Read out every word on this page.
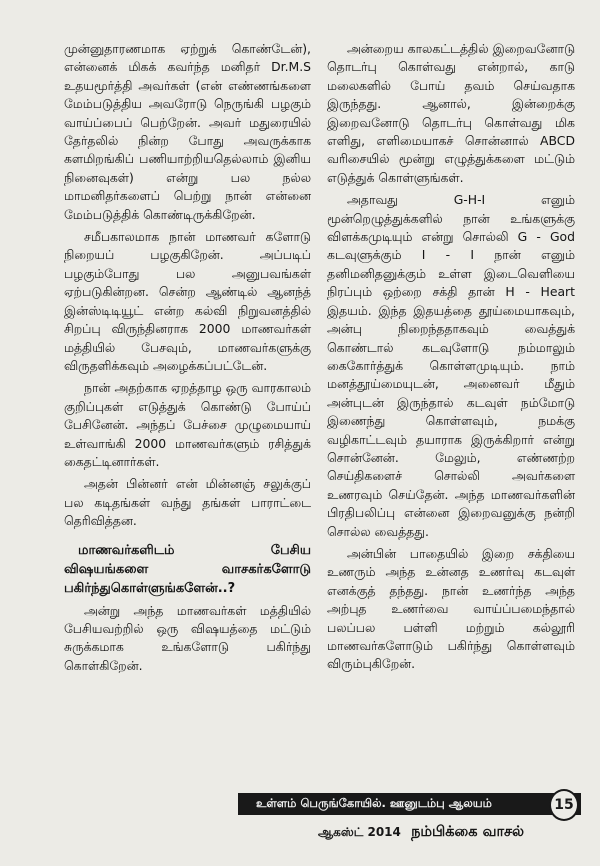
முன்னுதாரணமாக ஏற்றுக் கொண்டேன்), என்னைக் மிகக் கவர்ந்த மனிதர் Dr.M.S உதயமூர்த்தி அவர்கள் (என் எண்ணங்களை மேம்படுத்திய அவரோடு நெருங்கி பழகும் வாய்ப்பைப் பெற்றேன். அவர் மதுரையில் தேர்தலில் நின்ற போது அவருக்காக களமிறங்கிப் பணியாற்றியதெல்லாம் இனிய நினைவுகள்) என்று பல நல்ல மாமனிதர்களைப் பெற்று நான் என்னை மேம்படுத்திக் கொண்டிருக்கிறேன்.

சமீபகாலமாக நான் மாணவர் களோடு நிறையப் பழகுகிறேன். அப்படிப் பழகும்போது பல அனுபவங்கள் ஏற்படுகின்றன. சென்ற ஆண்டில் ஆனந்த் இன்ஸ்டிடியூட் என்ற கல்வி நிறுவனத்தில் சிறப்பு விருந்தினராக 2000 மாணவர்கள் மத்தியில் பேசவும், மாணவர்களுக்கு விருதளிக்கவும் அழைக்கப்பட்டேன்.

நான் அதற்காக ஏறத்தாழ ஒரு வாரகாலம் குறிப்புகள் எடுத்துக் கொண்டு போய்ப் பேசினேன். அந்தப் பேச்சை முழுமையாய் உள்வாங்கி 2000 மாணவர்களும் ரசித்துக் கைதட்டினார்கள்.

அதன் பின்னர் என் மின்னஞ் சலுக்குப் பல கடிதங்கள் வந்து தங்கள் பாராட்டை தெரிவித்தன.

மாணவர்களிடம்	பேசிய
விஷயங்களை	வாசகர்களோடு
பகிர்ந்துகொள்ளுங்களேன்..?

அன்று அந்த மாணவர்கள் மத்தியில் பேசியவற்றில் ஒரு விஷயத்தை மட்டும் சுருக்கமாக உங்களோடு பகிர்ந்து கொள்கிறேன்.

அன்றைய காலகட்டத்தில் இறைவனோடு தொடர்பு கொள்வது என்றால், காடு மலைகளில் போய் தவம் செய்வதாக இருந்தது. ஆனால், இன்றைக்கு இறைவனோடு தொடர்பு கொள்வது மிக எளிது, எளிமையாகச் சொன்னால் ABCD வரிசையில் மூன்று எழுத்துக்களை மட்டும் எடுத்துக் கொள்ளுங்கள்.

அதாவது G-H-I எனும் மூன்றெழுத்துக்களில் நான் உங்களுக்கு விளக்கமுடியும் என்று சொல்லி G - God கடவுளுக்கும் I - I நான் எனும் தனிமனிதனுக்கும் உள்ள இடைவெளியை நிரப்பும் ஒற்றை சக்தி தான் H - Heart இதயம். இந்த இதயத்தை தூய்மையாகவும், அன்பு நிறைந்ததாகவும் வைத்துக் கொண்டால் கடவுளோடு நம்மாலும் கைகோர்த்துக் கொள்ளமுடியும். நாம் மனத்தூய்மையுடன், அனைவர் மீதும் அன்புடன் இருந்தால் கடவுள் நம்மோடு இணைந்து கொள்ளவும், நமக்கு வழிகாட்டவும் தயாராக இருக்கிறார் என்று சொன்னேன். மேலும், எண்ணற்ற செய்திகளைச் சொல்லி அவர்களை உணரவும் செய்தேன். அந்த மாணவர்களின் பிரதிபலிப்பு என்னை இறைவனுக்கு நன்றி சொல்ல வைத்தது.

அன்பின் பாதையில் இறை சக்தியை உணரும் அந்த உன்னத உணர்வு கடவுள் எனக்குத் தந்தது. நான் உணர்ந்த அந்த அற்புத உணர்வை வாய்ப்பமைந்தால் பலப்பல பள்ளி மற்றும் கல்லூரி மாணவர்களோடும் பகிர்ந்து கொள்ளவும் விரும்புகிறேன்.

உள்ளம் பெருங்கோயில். ஊனுடம்பு ஆலயம்	15
ஆகஸ்ட் 2014 நம்பிக்கை வாசல்
